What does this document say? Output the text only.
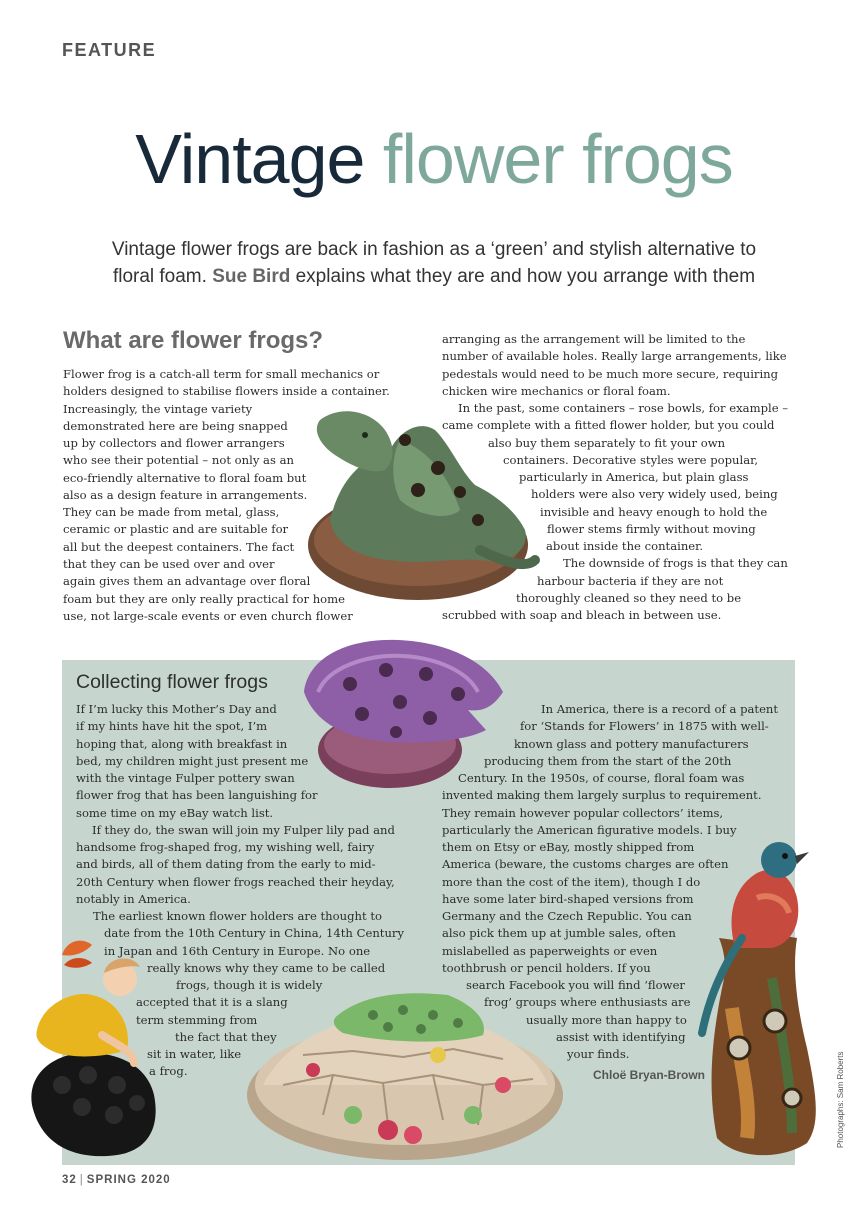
FEATURE
Vintage flower frogs
Vintage flower frogs are back in fashion as a ‘green’ and stylish alternative to
floral foam. Sue Bird explains what they are and how you arrange with them
What are flower frogs?
Flower frog is a catch-all term for small mechanics or
holders designed to stabilise flowers inside a container.
Increasingly, the vintage variety
demonstrated here are being snapped
up by collectors and flower arrangers
who see their potential – not only as an
eco-friendly alternative to floral foam but
also as a design feature in arrangements.
They can be made from metal, glass,
ceramic or plastic and are suitable for
all but the deepest containers. The fact
that they can be used over and over
again gives them an advantage over floral
foam but they are only really practical for home
use, not large-scale events or even church flower
arranging as the arrangement will be limited to the
number of available holes. Really large arrangements, like
pedestals would need to be much more secure, requiring
chicken wire mechanics or floral foam.
In the past, some containers – rose bowls, for example –
came complete with a fitted flower holder, but you could
also buy them separately to fit your own
containers. Decorative styles were popular,
particularly in America, but plain glass
holders were also very widely used, being
invisible and heavy enough to hold the
flower stems firmly without moving
about inside the container.
The downside of frogs is that they can
harbour bacteria if they are not
thoroughly cleaned so they need to be
scrubbed with soap and bleach in between use.
Collecting flower frogs
If I’m lucky this Mother’s Day and
if my hints have hit the spot, I’m
hoping that, along with breakfast in
bed, my children might just present me
with the vintage Fulper pottery swan
flower frog that has been languishing for
some time on my eBay watch list.
If they do, the swan will join my Fulper lily pad and
handsome frog-shaped frog, my wishing well, fairy
and birds, all of them dating from the early to mid-
20th Century when flower frogs reached their heyday,
notably in America.
The earliest known flower holders are thought to
date from the 10th Century in China, 14th Century
in Japan and 16th Century in Europe. No one
really knows why they came to be called
frogs, though it is widely
accepted that it is a slang
term stemming from
the fact that they
sit in water, like
a frog.
In America, there is a record of a patent
for ‘Stands for Flowers’ in 1875 with well-
known glass and pottery manufacturers
producing them from the start of the 20th
Century. In the 1950s, of course, floral foam was
invented making them largely surplus to requirement.
They remain however popular collectors’ items,
particularly the American figurative models. I buy
them on Etsy or eBay, mostly shipped from
America (beware, the customs charges are often
more than the cost of the item), though I do
have some later bird-shaped versions from
Germany and the Czech Republic. You can
also pick them up at jumble sales, often
mislabelled as paperweights or even
toothbrush or pencil holders. If you
search Facebook you will find ‘flower
frog’ groups where enthusiasts are
usually more than happy to
assist with identifying
your finds.
Chloë Bryan-Brown	Photographs: Sam Roberts
32 | SPRING 2020
